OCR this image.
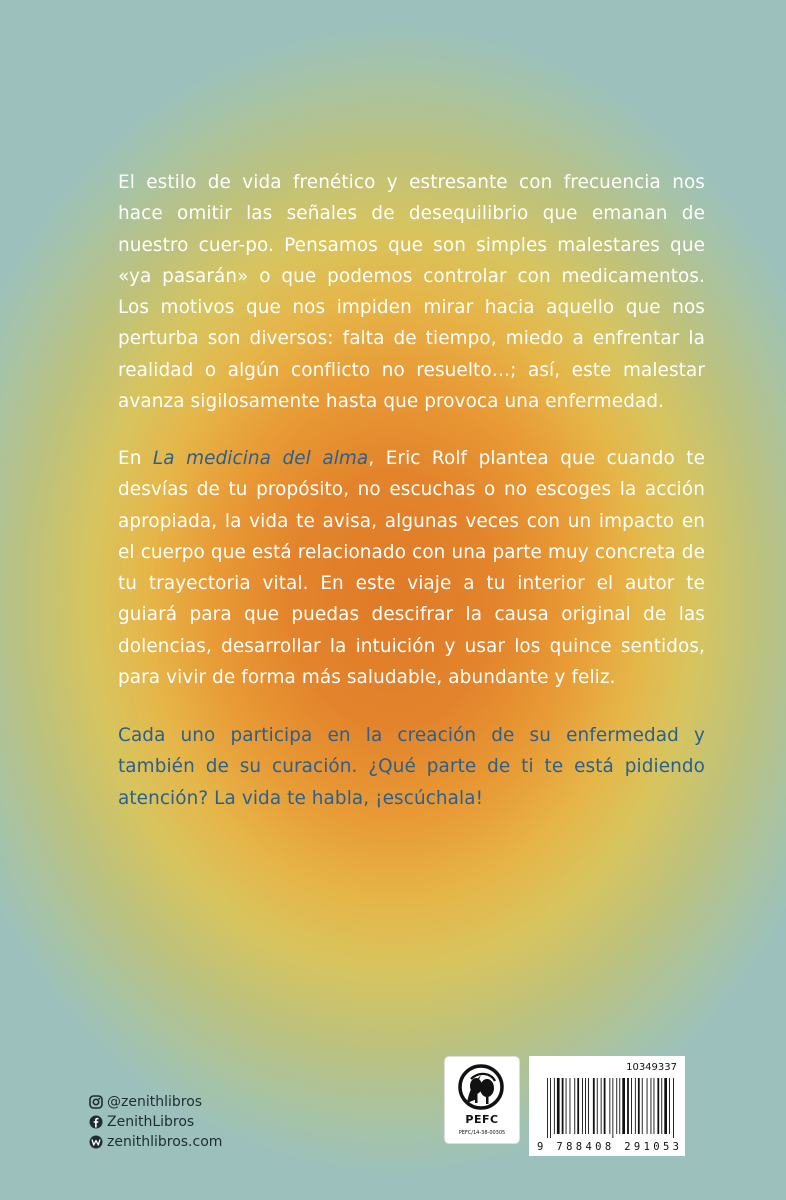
El estilo de vida frenético y estresante con frecuencia nos hace omitir las señales de desequilibrio que emanan de nuestro cuer-po. Pensamos que son simples malestares que «ya pasarán» o que podemos controlar con medicamentos. Los motivos que nos impiden mirar hacia aquello que nos perturba son diversos: falta de tiempo, miedo a enfrentar la realidad o algún conflicto no resuelto…; así, este malestar avanza sigilosamente hasta que provoca una enfermedad.

En La medicina del alma, Eric Rolf plantea que cuando te desvías de tu propósito, no escuchas o no escoges la acción apropiada, la vida te avisa, algunas veces con un impacto en el cuerpo que está relacionado con una parte muy concreta de tu trayectoria vital. En este viaje a tu interior el autor te guiará para que puedas descifrar la causa original de las dolencias, desarrollar la intuición y usar los quince sentidos, para vivir de forma más saludable, abundante y feliz.

Cada uno participa en la creación de su enfermedad y también de su curación. ¿Qué parte de ti te está pidiendo atención? La vida te habla, ¡escúchala!

@zenithlibros
ZenithLibros
zenithlibros.com
PEFC
PEFC/14-38-00305
10349337
9 788408 291053
